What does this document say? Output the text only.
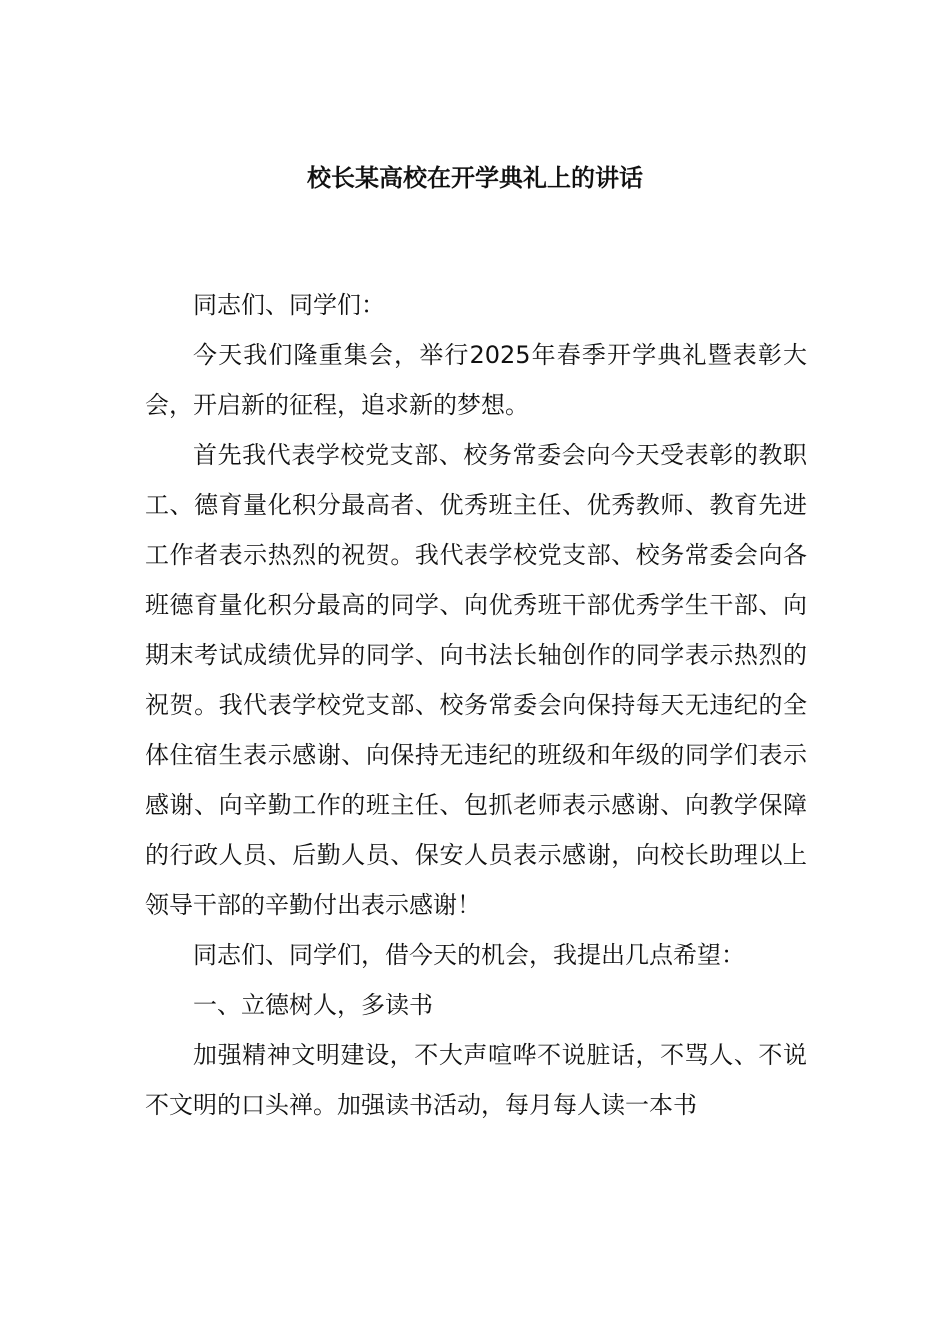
校长某高校在开学典礼上的讲话

同志们、同学们：

今天我们隆重集会，举行2025年春季开学典礼暨表彰大会，开启新的征程，追求新的梦想。

首先我代表学校党支部、校务常委会向今天受表彰的教职工、德育量化积分最高者、优秀班主任、优秀教师、教育先进工作者表示热烈的祝贺。我代表学校党支部、校务常委会向各班德育量化积分最高的同学、向优秀班干部优秀学生干部、向期末考试成绩优异的同学、向书法长轴创作的同学表示热烈的祝贺。我代表学校党支部、校务常委会向保持每天无违纪的全体住宿生表示感谢、向保持无违纪的班级和年级的同学们表示感谢、向辛勤工作的班主任、包抓老师表示感谢、向教学保障的行政人员、后勤人员、保安人员表示感谢，向校长助理以上领导干部的辛勤付出表示感谢！

同志们、同学们，借今天的机会，我提出几点希望：

一、立德树人，多读书

加强精神文明建设，不大声喧哗不说脏话，不骂人、不说不文明的口头禅。加强读书活动，每月每人读一本书
